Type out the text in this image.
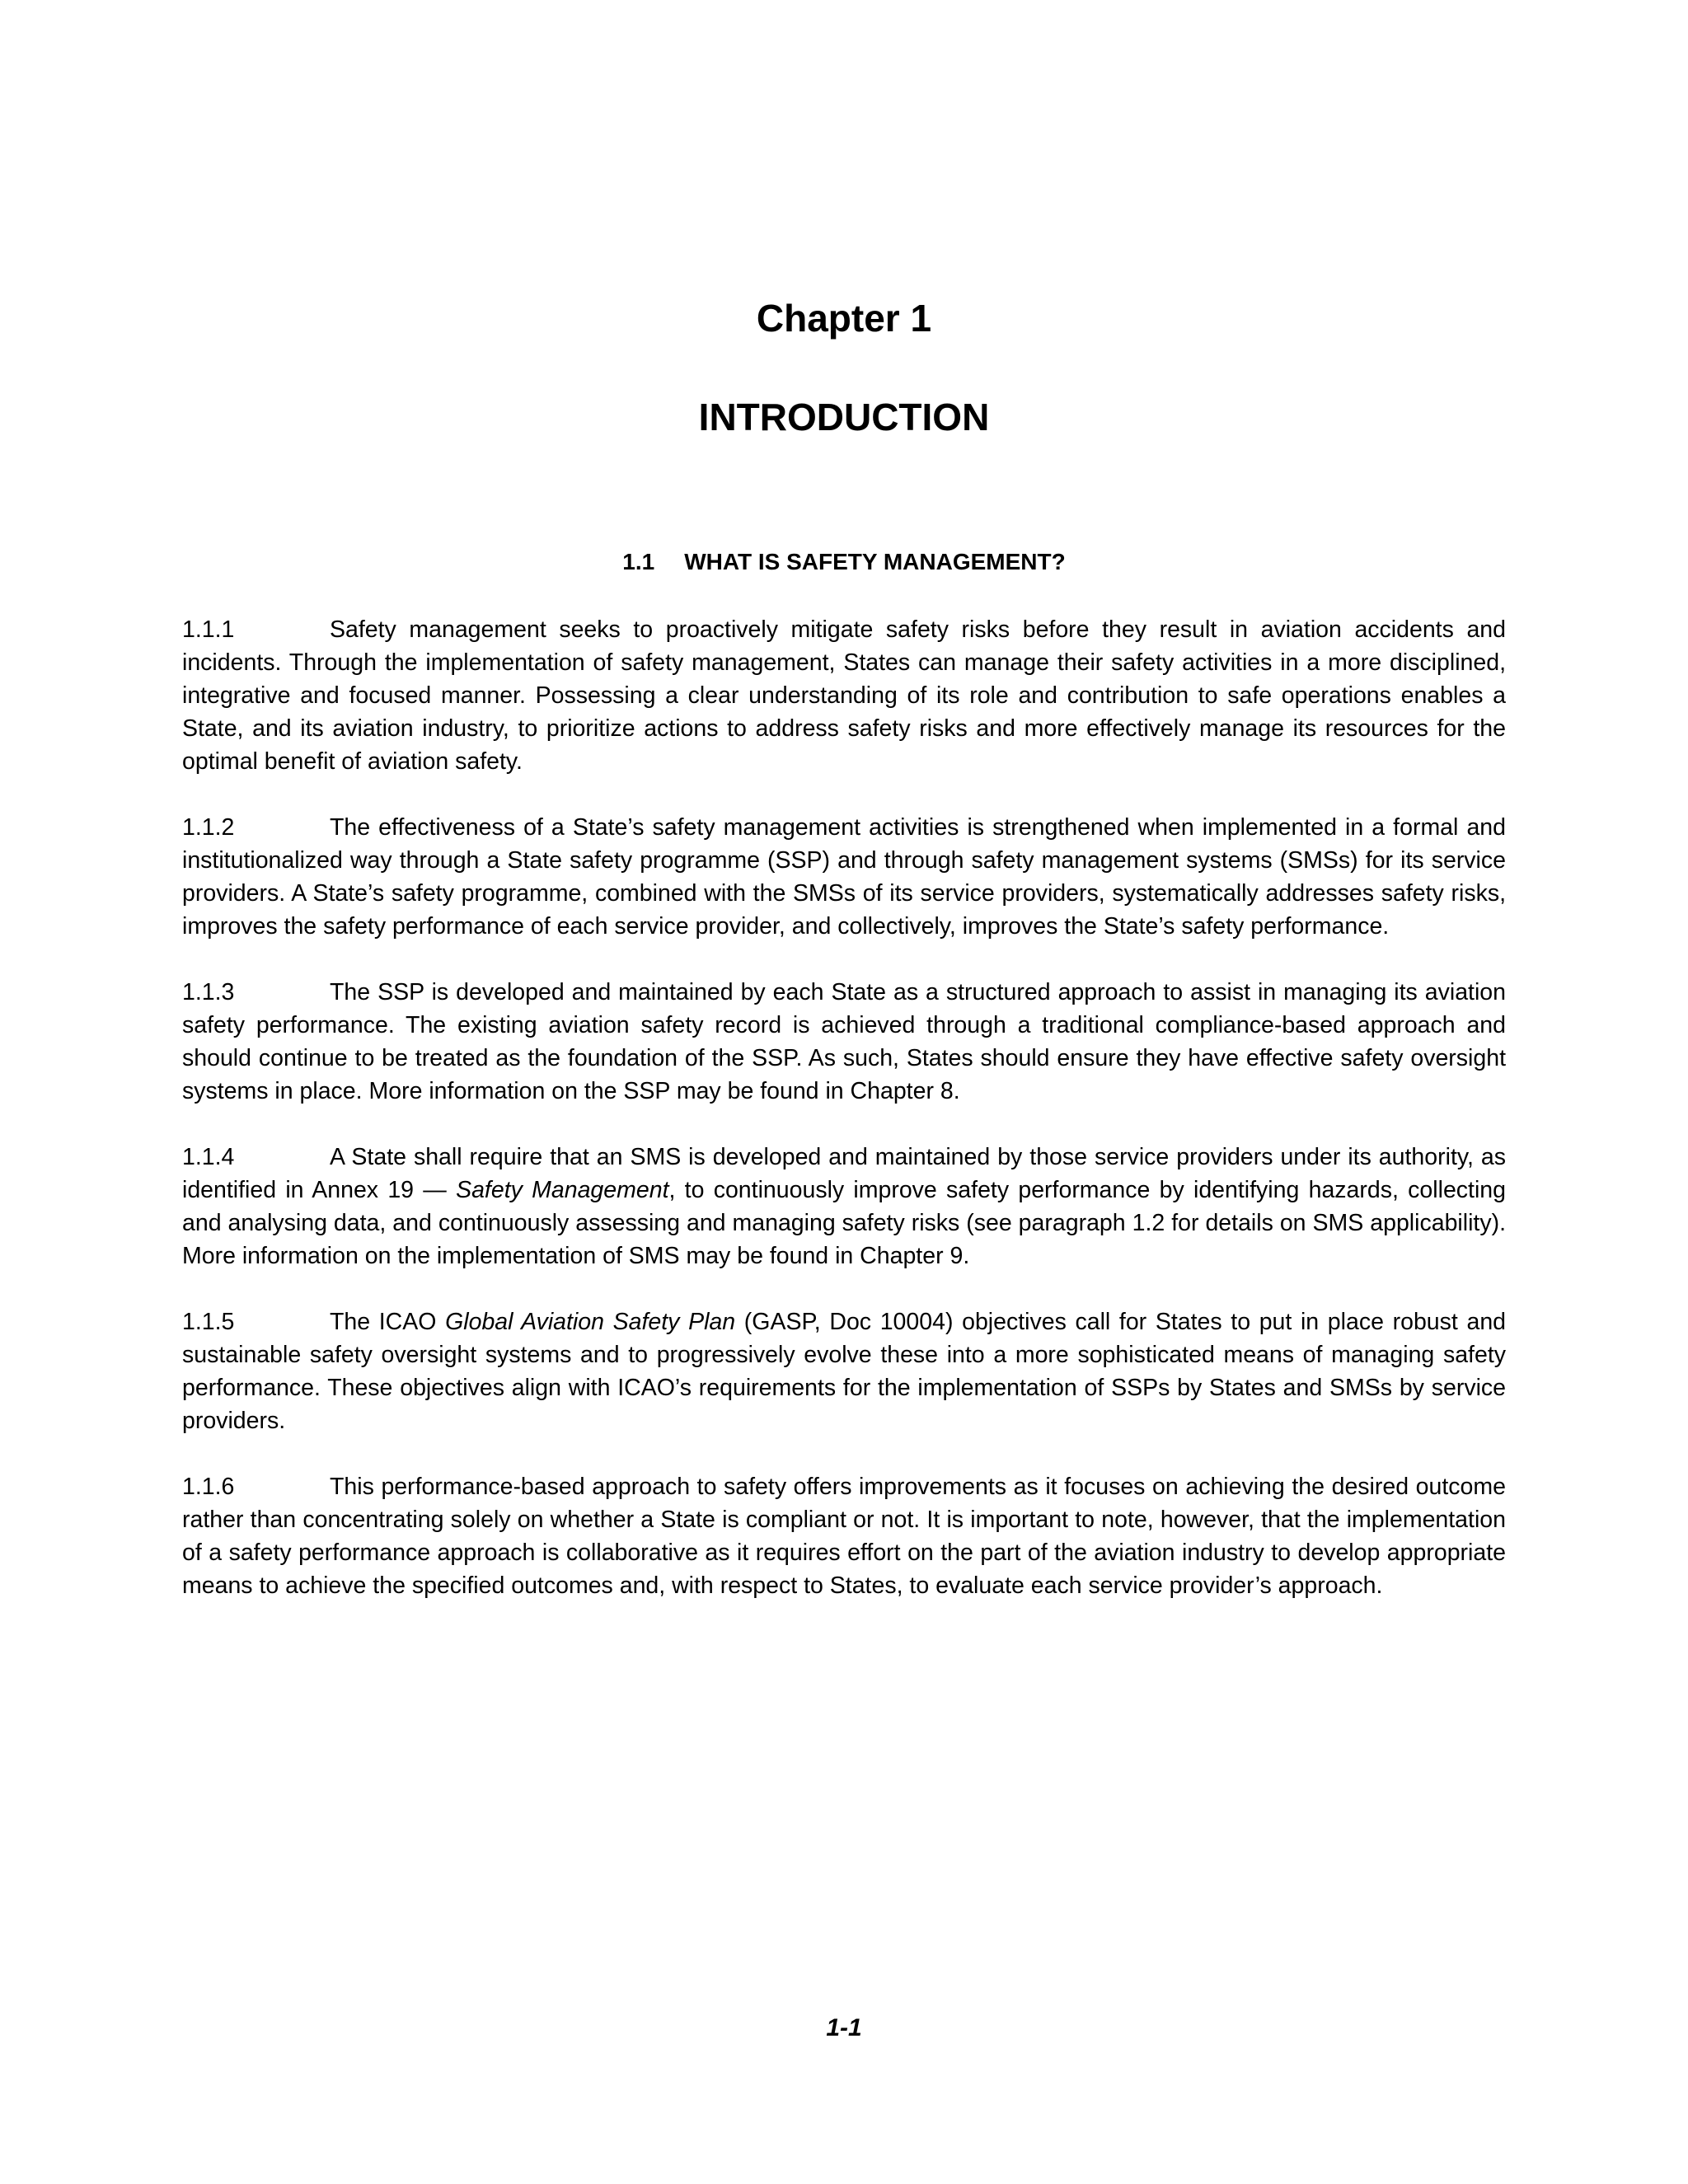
Chapter 1
INTRODUCTION
1.1 WHAT IS SAFETY MANAGEMENT?

1.1.1	Safety management seeks to proactively mitigate safety risks before they result in aviation accidents and incidents. Through the implementation of safety management, States can manage their safety activities in a more disciplined, integrative and focused manner. Possessing a clear understanding of its role and contribution to safe operations enables a State, and its aviation industry, to prioritize actions to address safety risks and more effectively manage its resources for the optimal benefit of aviation safety.

1.1.2	The effectiveness of a State’s safety management activities is strengthened when implemented in a formal and institutionalized way through a State safety programme (SSP) and through safety management systems (SMSs) for its service providers. A State’s safety programme, combined with the SMSs of its service providers, systematically addresses safety risks, improves the safety performance of each service provider, and collectively, improves the State’s safety performance.

1.1.3	The SSP is developed and maintained by each State as a structured approach to assist in managing its aviation safety performance. The existing aviation safety record is achieved through a traditional compliance-based approach and should continue to be treated as the foundation of the SSP. As such, States should ensure they have effective safety oversight systems in place. More information on the SSP may be found in Chapter 8.

1.1.4	A State shall require that an SMS is developed and maintained by those service providers under its authority, as identified in Annex 19 — Safety Management, to continuously improve safety performance by identifying hazards, collecting and analysing data, and continuously assessing and managing safety risks (see paragraph 1.2 for details on SMS applicability). More information on the implementation of SMS may be found in Chapter 9.

1.1.5	The ICAO Global Aviation Safety Plan (GASP, Doc 10004) objectives call for States to put in place robust and sustainable safety oversight systems and to progressively evolve these into a more sophisticated means of managing safety performance. These objectives align with ICAO’s requirements for the implementation of SSPs by States and SMSs by service providers.

1.1.6	This performance-based approach to safety offers improvements as it focuses on achieving the desired outcome rather than concentrating solely on whether a State is compliant or not. It is important to note, however, that the implementation of a safety performance approach is collaborative as it requires effort on the part of the aviation industry to develop appropriate means to achieve the specified outcomes and, with respect to States, to evaluate each service provider’s approach.

1-1
